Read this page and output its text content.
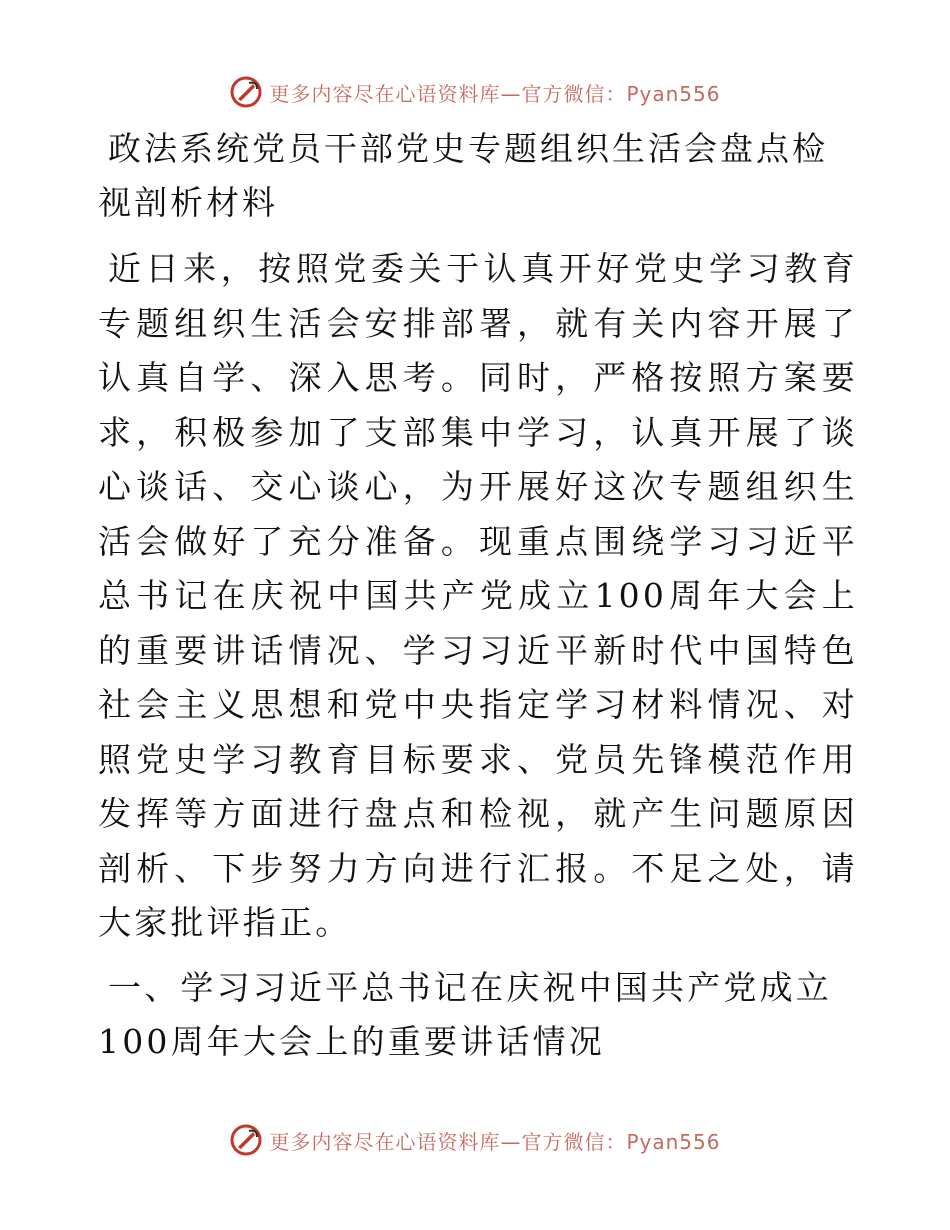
更多内容尽在心语资料库—官方微信：Pyan556
政法系统党员干部党史专题组织生活会盘点检视剖析材料

近日来，按照党委关于认真开好党史学习教育专题组织生活会安排部署，就有关内容开展了认真自学、深入思考。同时，严格按照方案要求，积极参加了支部集中学习，认真开展了谈心谈话、交心谈心，为开展好这次专题组织生活会做好了充分准备。现重点围绕学习习近平总书记在庆祝中国共产党成立100周年大会上的重要讲话情况、学习习近平新时代中国特色社会主义思想和党中央指定学习材料情况、对照党史学习教育目标要求、党员先锋模范作用发挥等方面进行盘点和检视，就产生问题原因剖析、下步努力方向进行汇报。不足之处，请大家批评指正。

一、学习习近平总书记在庆祝中国共产党成立100周年大会上的重要讲话情况
更多内容尽在心语资料库—官方微信：Pyan556
